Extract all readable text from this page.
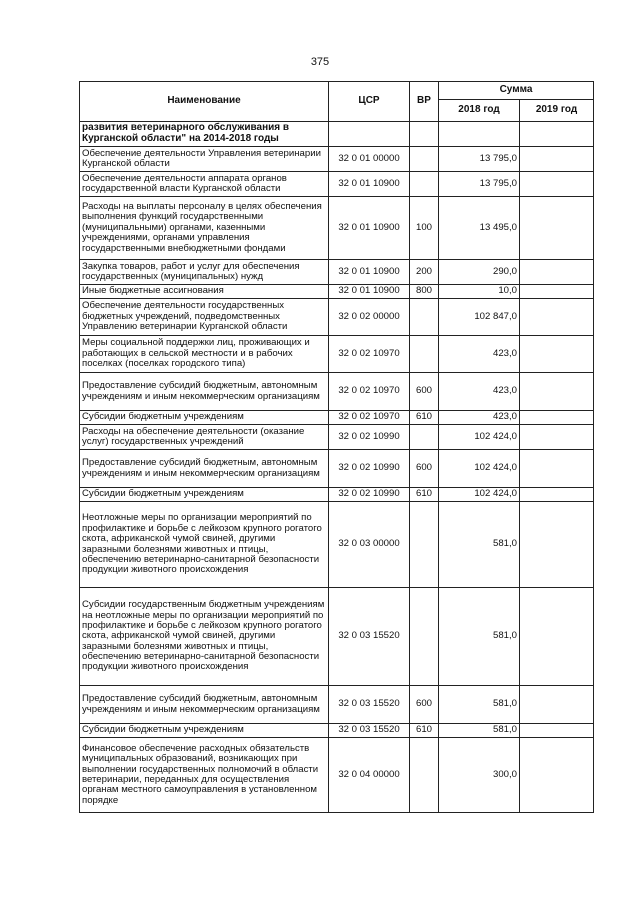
375
Наименование	ЦСР	ВР	Сумма	
			2018 год	2019 год
развития ветеринарного обслуживания в Курганской области" на 2014-2018 годы				
Обеспечение деятельности Управления ветеринарии Курганской области	32 0 01 00000		13 795,0	
Обеспечение деятельности аппарата органов государственной власти Курганской области	32 0 01 10900		13 795,0	
Расходы на выплаты персоналу в целях обеспечения выполнения функций государственными (муниципальными) органами, казенными учреждениями, органами управления государственными внебюджетными фондами	32 0 01 10900	100	13 495,0	
Закупка товаров, работ и услуг для обеспечения государственных (муниципальных) нужд	32 0 01 10900	200	290,0	
Иные бюджетные ассигнования	32 0 01 10900	800	10,0	
Обеспечение деятельности государственных бюджетных учреждений, подведомственных Управлению ветеринарии Курганской области	32 0 02 00000		102 847,0	
Меры социальной поддержки лиц, проживающих и работающих в сельской местности и в рабочих поселках (поселках городского типа)	32 0 02 10970		423,0	
Предоставление субсидий бюджетным, автономным учреждениям и иным некоммерческим организациям	32 0 02 10970	600	423,0	
Субсидии бюджетным учреждениям	32 0 02 10970	610	423,0	
Расходы на обеспечение деятельности (оказание услуг) государственных учреждений	32 0 02 10990		102 424,0	
Предоставление субсидий бюджетным, автономным учреждениям и иным некоммерческим организациям	32 0 02 10990	600	102 424,0	
Субсидии бюджетным учреждениям	32 0 02 10990	610	102 424,0	
Неотложные меры по организации мероприятий по профилактике и борьбе с лейкозом крупного рогатого скота, африканской чумой свиней, другими заразными болезнями животных и птицы, обеспечению ветеринарно-санитарной безопасности продукции животного происхождения	32 0 03 00000		581,0	
Субсидии государственным бюджетным учреждениям на неотложные меры по организации мероприятий по профилактике и борьбе с лейкозом крупного рогатого скота, африканской чумой свиней, другими заразными болезнями животных и птицы, обеспечению ветеринарно-санитарной безопасности продукции животного происхождения	32 0 03 15520		581,0	
Предоставление субсидий бюджетным, автономным учреждениям и иным некоммерческим организациям	32 0 03 15520	600	581,0	
Субсидии бюджетным учреждениям	32 0 03 15520	610	581,0	
Финансовое обеспечение расходных обязательств муниципальных образований, возникающих при выполнении государственных полномочий в области ветеринарии, переданных для осуществления органам местного самоуправления в установленном порядке	32 0 04 00000		300,0	
